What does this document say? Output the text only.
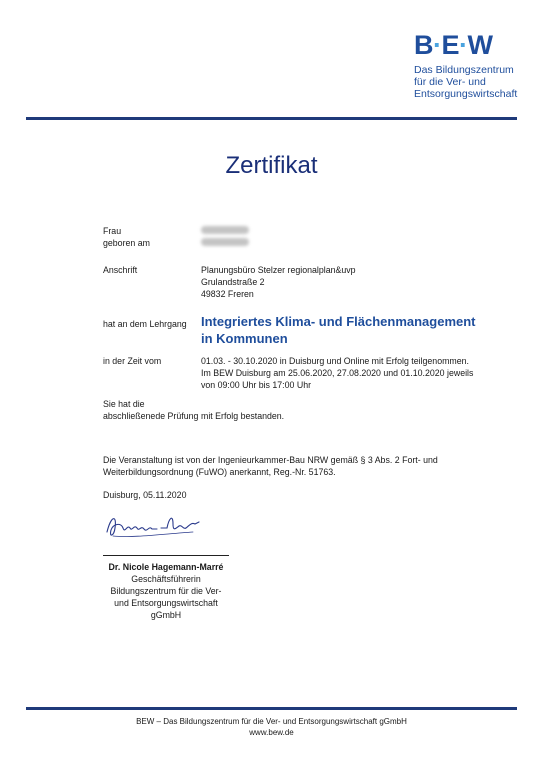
B·E·W
Das Bildungszentrum
für die Ver- und
Entsorgungswirtschaft
Zertifikat
Frau
geboren am
Anschrift	Planungsbüro Stelzer regionalplan&uvp
Grulandstraße 2
49832 Freren
hat an dem Lehrgang Integriertes Klima- und Flächenmanagement
in Kommunen
in der Zeit vom	01.03. - 30.10.2020 in Duisburg und Online mit Erfolg teilgenommen.
Im BEW Duisburg am 25.06.2020, 27.08.2020 und 01.10.2020 jeweils
von 09:00 Uhr bis 17:00 Uhr
Sie hat die
abschließenede Prüfung mit Erfolg bestanden.
Die Veranstaltung ist von der Ingenieurkammer-Bau NRW gemäß § 3 Abs. 2 Fort- und
Weiterbildungsordnung (FuWO) anerkannt, Reg.-Nr. 51763.
Duisburg, 05.11.2020
Dr. Nicole Hagemann-Marré
Geschäftsführerin
Bildungszentrum für die Ver-
und Entsorgungswirtschaft
gGmbH
BEW – Das Bildungszentrum für die Ver- und Entsorgungswirtschaft gGmbH
www.bew.de
